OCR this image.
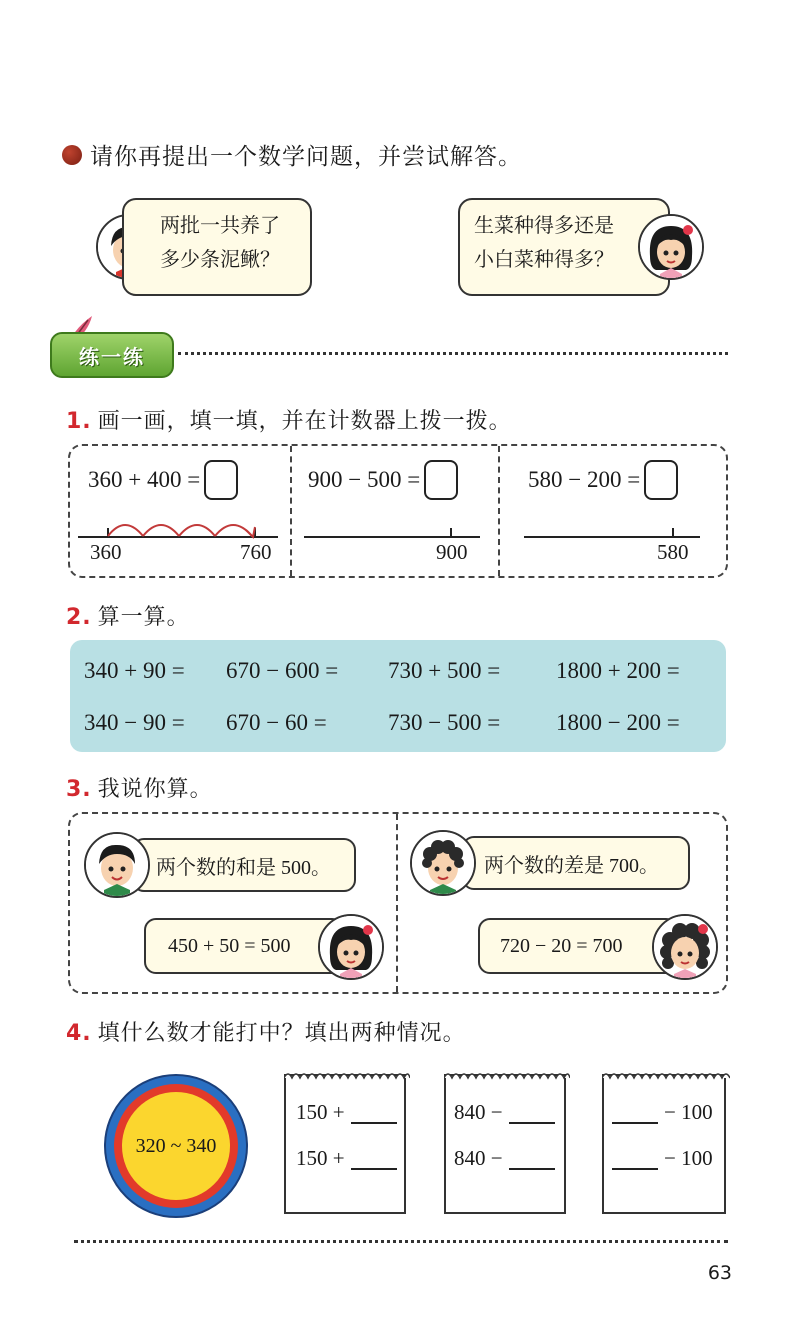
请你再提出一个数学问题，并尝试解答。
两批一共养了
多少条泥鳅？
生菜种得多还是
小白菜种得多？
练一练
1. 画一画，填一填，并在计数器上拨一拨。
360 + 400 =	900 − 500 =	580 − 200 =
360	760	900	580
2. 算一算。
340 + 90 = 670 − 600 = 730 + 500 = 1800 + 200 =
340 − 90 = 670 − 60 =	730 − 500 = 1800 − 200 =
3. 我说你算。
两个数的和是 500。
450 + 50 = 500
两个数的差是 700。
720 − 20 = 700
4. 填什么数才能打中？填出两种情况。
320 ~ 340
150 +
150 +
840 −
840 −
− 100
− 100
63
